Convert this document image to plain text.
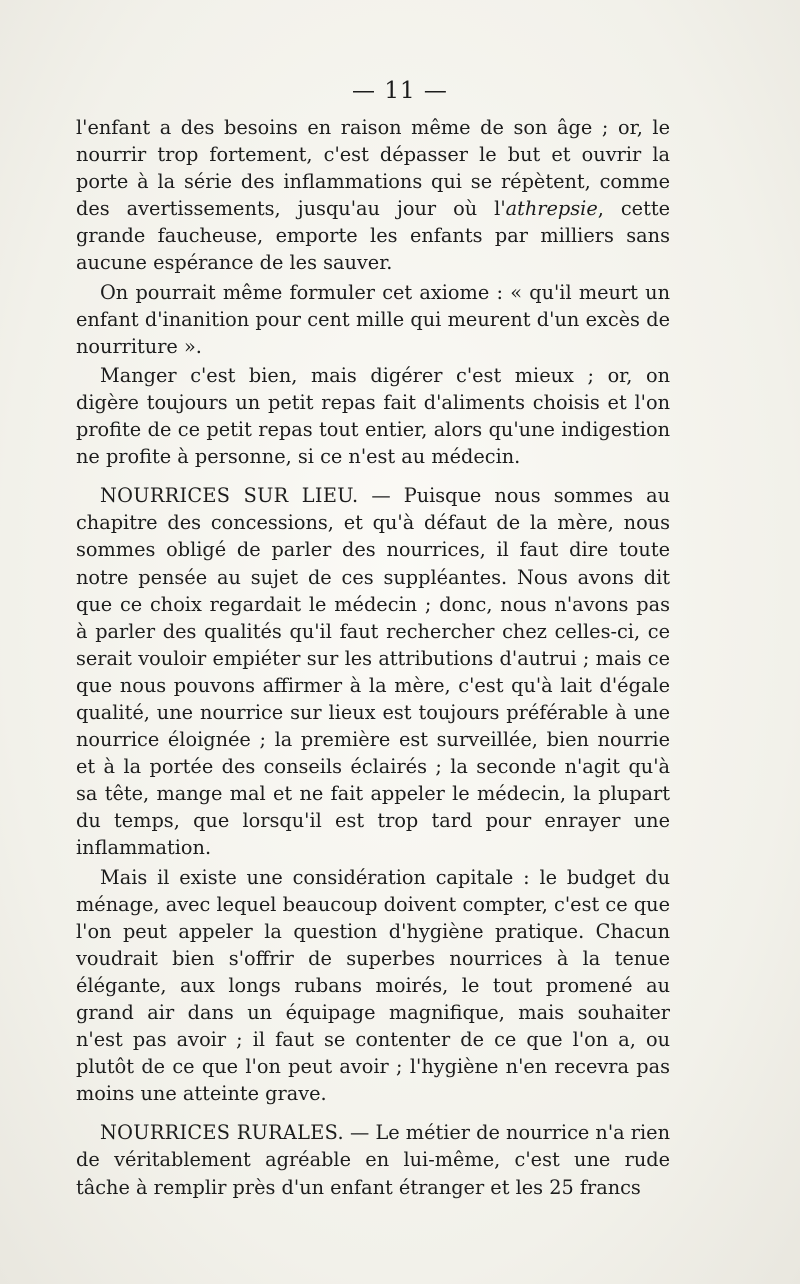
— 11 —

l'enfant a des besoins en raison même de son âge ; or, le nourrir trop fortement, c'est dépasser le but et ouvrir la porte à la série des inflammations qui se répètent, comme des avertissements, jusqu'au jour où l'athrepsie, cette grande faucheuse, emporte les enfants par milliers sans aucune espérance de les sauver.

On pourrait même formuler cet axiome : « qu'il meurt un enfant d'inanition pour cent mille qui meurent d'un excès de nourriture ».

Manger c'est bien, mais digérer c'est mieux ; or, on digère toujours un petit repas fait d'aliments choisis et l'on profite de ce petit repas tout entier, alors qu'une indigestion ne profite à personne, si ce n'est au médecin.

NOURRICES SUR LIEU. — Puisque nous sommes au chapitre des concessions, et qu'à défaut de la mère, nous sommes obligé de parler des nourrices, il faut dire toute notre pensée au sujet de ces suppléantes. Nous avons dit que ce choix regardait le médecin ; donc, nous n'avons pas à parler des qualités qu'il faut rechercher chez celles-ci, ce serait vouloir empiéter sur les attributions d'autrui ; mais ce que nous pouvons affirmer à la mère, c'est qu'à lait d'égale qualité, une nourrice sur lieux est toujours préférable à une nourrice éloignée ; la première est surveillée, bien nourrie et à la portée des conseils éclairés ; la seconde n'agit qu'à sa tête, mange mal et ne fait appeler le médecin, la plupart du temps, que lorsqu'il est trop tard pour enrayer une inflammation.

Mais il existe une considération capitale : le budget du ménage, avec lequel beaucoup doivent compter, c'est ce que l'on peut appeler la question d'hygiène pratique. Chacun voudrait bien s'offrir de superbes nourrices à la tenue élégante, aux longs rubans moirés, le tout promené au grand air dans un équipage magnifique, mais souhaiter n'est pas avoir ; il faut se contenter de ce que l'on a, ou plutôt de ce que l'on peut avoir ; l'hygiène n'en recevra pas moins une atteinte grave.

NOURRICES RURALES. — Le métier de nourrice n'a rien de véritablement agréable en lui-même, c'est une rude tâche à remplir près d'un enfant étranger et les 25 francs
